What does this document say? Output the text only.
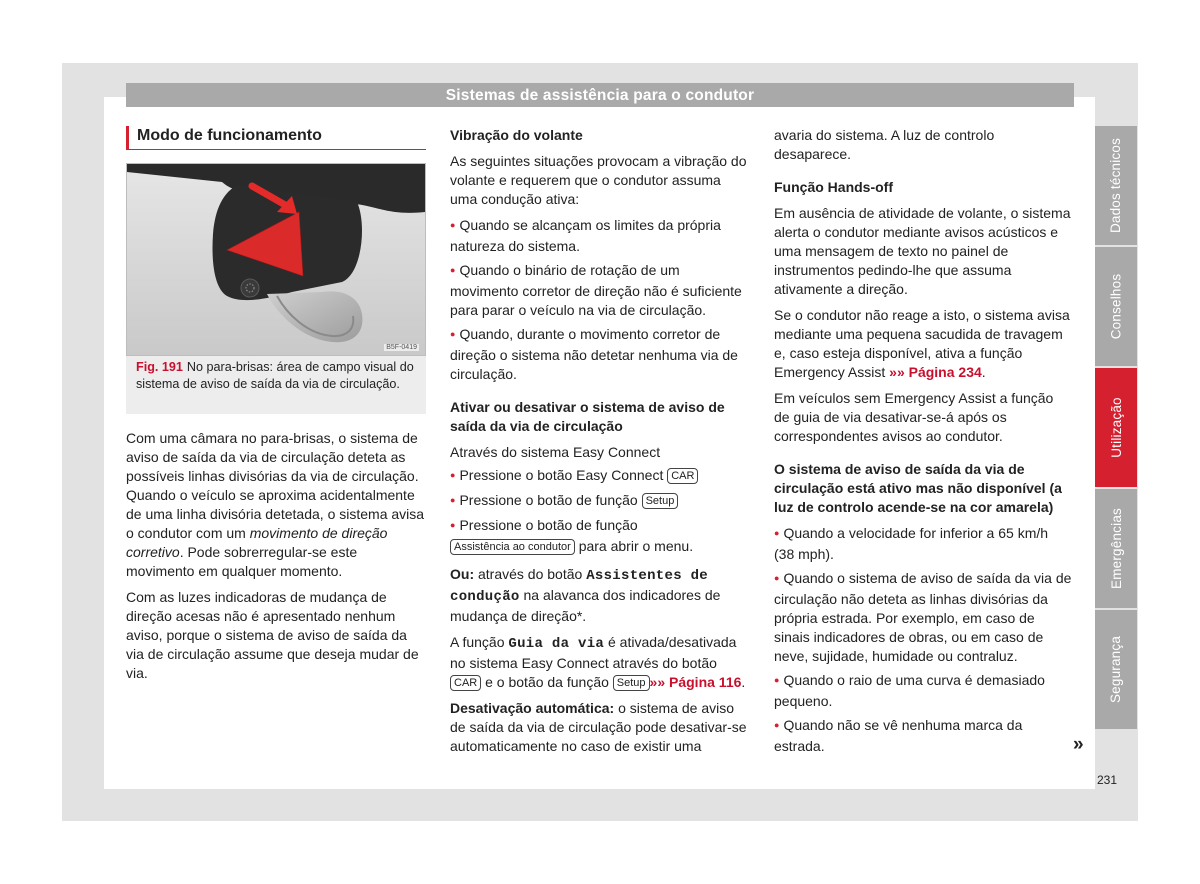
Sistemas de assistência para o condutor
Modo de funcionamento
B5F-0419
Fig. 191 No para-brisas: área de campo visual do sistema de aviso de saída da via de circulação.

Com uma câmara no para-brisas, o sistema de aviso de saída da via de circulação deteta as possíveis linhas divisórias da via de circulação. Quando o veículo se aproxima acidentalmente de uma linha divisória detetada, o sistema avisa o condutor com um movimento de direção corretivo. Pode sobrerregular-se este movimento em qualquer momento.

Com as luzes indicadoras de mudança de direção acesas não é apresentado nenhum aviso, porque o sistema de aviso de saída da via de circulação assume que deseja mudar de via.

Vibração do volante

As seguintes situações provocam a vibração do volante e requerem que o condutor assuma uma condução ativa:

● Quando se alcançam os limites da própria natureza do sistema.

● Quando o binário de rotação de um movimento corretor de direção não é suficiente para parar o veículo na via de circulação.

● Quando, durante o movimento corretor de direção o sistema não detetar nenhuma via de circulação.

Ativar ou desativar o sistema de aviso de saída da via de circulação

Através do sistema Easy Connect

● Pressione o botão Easy Connect CAR

● Pressione o botão de função Setup

● Pressione o botão de função
Assistência ao condutor para abrir o menu.

Ou: através do botão Assistentes de condução na alavanca dos indicadores de mudança de direção*.

A função Guia da via é ativada/desativada no sistema Easy Connect através do botão CAR e o botão da função Setup »» Página 116.

Desativação automática: o sistema de aviso de saída da via de circulação pode desativar-se automaticamente no caso de existir uma

avaria do sistema. A luz de controlo desaparece.

Função Hands-off

Em ausência de atividade de volante, o sistema alerta o condutor mediante avisos acústicos e uma mensagem de texto no painel de instrumentos pedindo-lhe que assuma ativamente a direção.

Se o condutor não reage a isto, o sistema avisa mediante uma pequena sacudida de travagem e, caso esteja disponível, ativa a função Emergency Assist »» Página 234.

Em veículos sem Emergency Assist a função de guia de via desativar-se-á após os correspondentes avisos ao condutor.

O sistema de aviso de saída da via de circulação está ativo mas não disponível (a luz de controlo acende-se na cor amarela)

● Quando a velocidade for inferior a 65 km/h (38 mph).

● Quando o sistema de aviso de saída da via de circulação não deteta as linhas divisórias da própria estrada. Por exemplo, em caso de sinais indicadores de obras, ou em caso de neve, sujidade, humidade ou contraluz.

● Quando o raio de uma curva é demasiado pequeno.

● Quando não se vê nenhuma marca da estrada.	»
Dados técnicos
Conselhos
Utilização
Emergências
Segurança
231
